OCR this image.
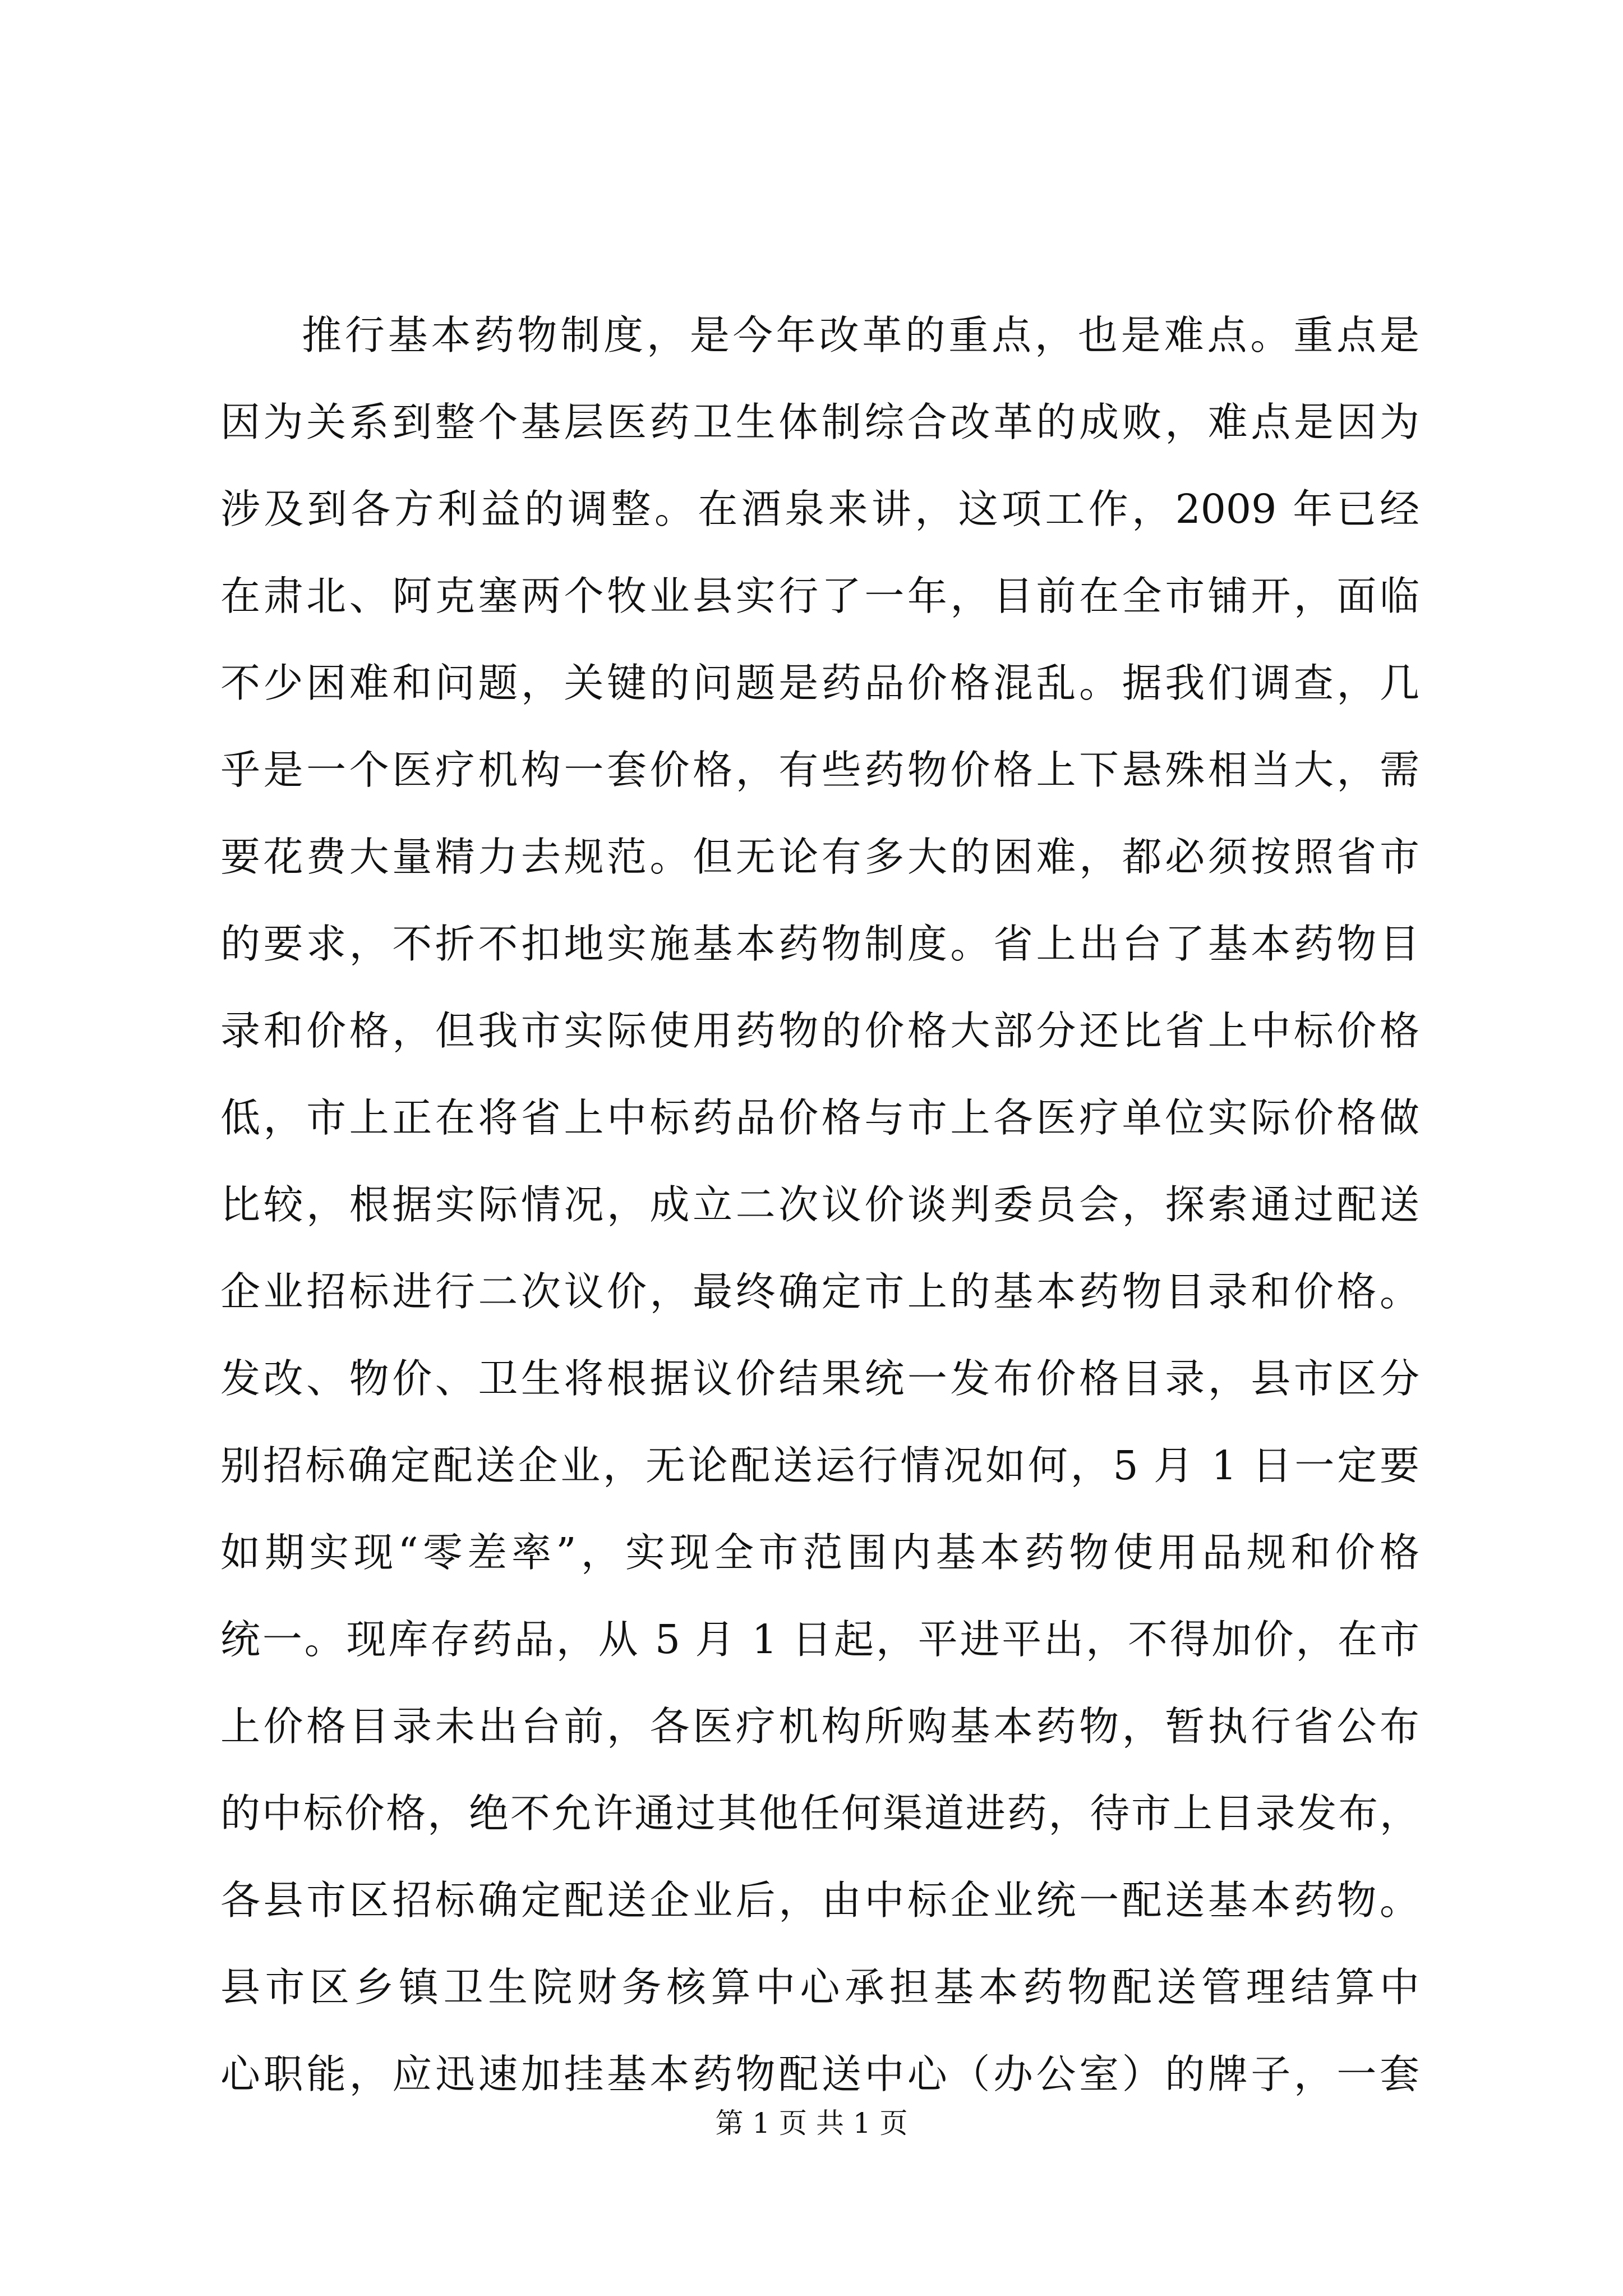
推行基本药物制度，是今年改革的重点，也是难点。重点是
因为关系到整个基层医药卫生体制综合改革的成败，难点是因为
涉及到各方利益的调整。在酒泉来讲，这项工作，2009 年已经
在肃北、阿克塞两个牧业县实行了一年，目前在全市铺开，面临
不少困难和问题，关键的问题是药品价格混乱。据我们调查，几
乎是一个医疗机构一套价格，有些药物价格上下悬殊相当大，需
要花费大量精力去规范。但无论有多大的困难，都必须按照省市
的要求，不折不扣地实施基本药物制度。省上出台了基本药物目
录和价格，但我市实际使用药物的价格大部分还比省上中标价格
低，市上正在将省上中标药品价格与市上各医疗单位实际价格做
比较，根据实际情况，成立二次议价谈判委员会，探索通过配送
企业招标进行二次议价，最终确定市上的基本药物目录和价格。
发改、物价、卫生将根据议价结果统一发布价格目录，县市区分
别招标确定配送企业，无论配送运行情况如何，5 月 1 日一定要
如期实现“零差率”，实现全市范围内基本药物使用品规和价格
统一。现库存药品，从 5 月 1 日起，平进平出，不得加价，在市
上价格目录未出台前，各医疗机构所购基本药物，暂执行省公布
的中标价格，绝不允许通过其他任何渠道进药，待市上目录发布，
各县市区招标确定配送企业后，由中标企业统一配送基本药物。
县市区乡镇卫生院财务核算中心承担基本药物配送管理结算中
心职能，应迅速加挂基本药物配送中心（办公室）的牌子，一套
第 1 页 共 1 页
